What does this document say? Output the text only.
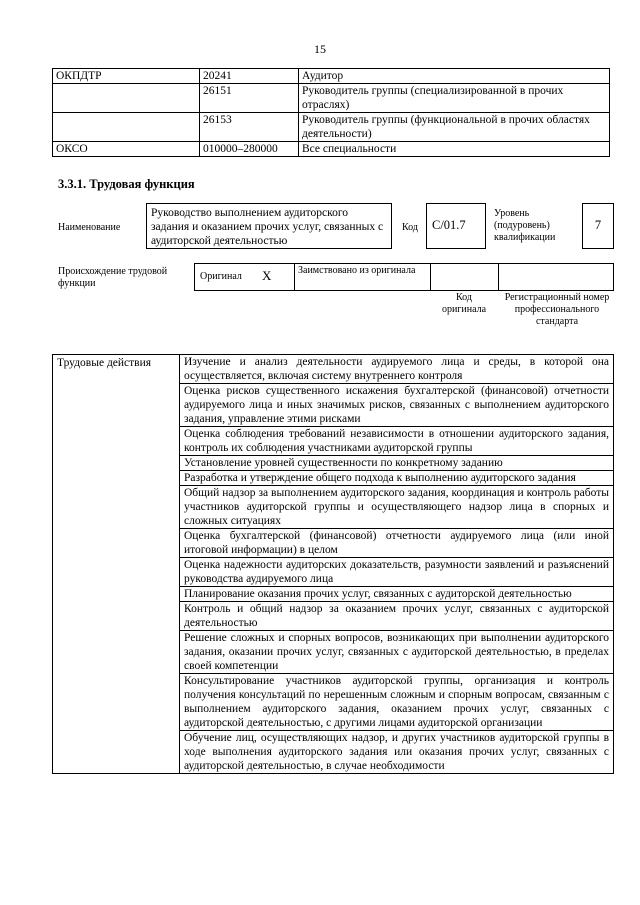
15
ОКПДТР	20241	Аудитор
	26151	Руководитель группы (специализированной в прочих отраслях)
	26153	Руководитель группы (функциональной в прочих областях деятельности)
ОКСО	010000–280000	Все специальности
3.3.1. Трудовая функция
Наименование
Руководство выполнением аудиторского задания и оказанием прочих услуг, связанных с аудиторской деятельностью
Код	C/01.7
Уровень (подуровень) квалификации
7
Происхождение трудовой функции
Оригинал X	Заимствовано из оригинала
Код оригинала
Регистрационный номер профессионального стандарта
Трудовые действия	Изучение и анализ деятельности аудируемого лица и среды, в которой она осуществляется, включая систему внутреннего контроля
Оценка рисков существенного искажения бухгалтерской (финансовой) отчетности аудируемого лица и иных значимых рисков, связанных с выполнением аудиторского задания, управление этими рисками
Оценка соблюдения требований независимости в отношении аудиторского задания, контроль их соблюдения участниками аудиторской группы
Установление уровней существенности по конкретному заданию
Разработка и утверждение общего подхода к выполнению аудиторского задания
Общий надзор за выполнением аудиторского задания, координация и контроль работы участников аудиторской группы и осуществляющего надзор лица в спорных и сложных ситуациях
Оценка бухгалтерской (финансовой) отчетности аудируемого лица (или иной итоговой информации) в целом
Оценка надежности аудиторских доказательств, разумности заявлений и разъяснений руководства аудируемого лица
Планирование оказания прочих услуг, связанных с аудиторской деятельностью
Контроль и общий надзор за оказанием прочих услуг, связанных с аудиторской деятельностью
Решение сложных и спорных вопросов, возникающих при выполнении аудиторского задания, оказании прочих услуг, связанных с аудиторской деятельностью, в пределах своей компетенции
Консультирование участников аудиторской группы, организация и контроль получения консультаций по нерешенным сложным и спорным вопросам, связанным с выполнением аудиторского задания, оказанием прочих услуг, связанных с аудиторской деятельностью, с другими лицами аудиторской организации
Обучение лиц, осуществляющих надзор, и других участников аудиторской группы в ходе выполнения аудиторского задания или оказания прочих услуг, связанных с аудиторской деятельностью, в случае необходимости
